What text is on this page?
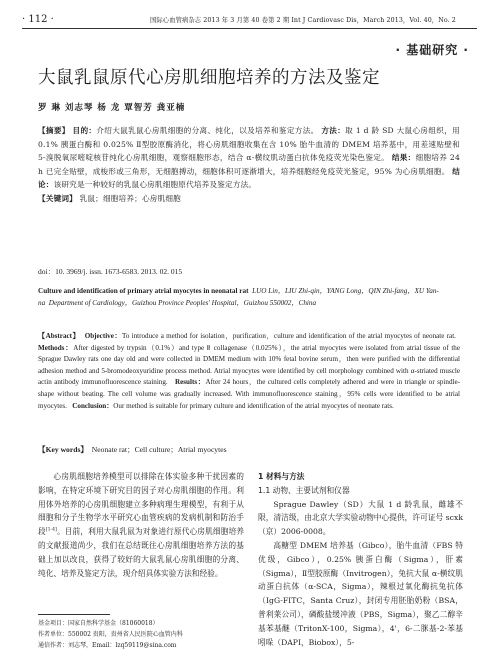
· 112 ·	国际心血管病杂志 2013 年 3 月第 40 卷第 2 期 Int J Cardiovasc Dis，March 2013，Vol. 40，No. 2
· 基础研究 ·
大鼠乳鼠原代心房肌细胞培养的方法及鉴定
罗 琳 刘志琴 杨 龙 覃智芳 龚亚楠

【摘要】 目的：介绍大鼠乳鼠心房肌细胞的分离、纯化，以及培养和鉴定方法。 方法：取 1 d 龄 SD 大鼠心房组织，用 0.1% 胰蛋白酶和 0.025% Ⅱ型胶原酶消化，将心房肌细胞收集在含 10% 胎牛血清的 DMEM 培养基中，用差速贴壁和 5-溴脱氧尿嘧啶核苷纯化心房肌细胞，观察细胞形态，结合 α-横纹肌动蛋白抗体免疫荧光染色鉴定。 结果：细胞培养 24 h 已完全贴壁，成梭形或三角形，无细胞搏动，细胞体积可逐渐增大，培养细胞经免疫荧光鉴定，95% 为心房肌细胞。 结论：该研究是一种较好的乳鼠心房肌细胞原代培养及鉴定方法。

【关键词】 乳鼠；细胞培养；心房肌细胞

doi：10. 3969/j. issn. 1673-6583. 2013. 02. 015
Culture and identification of primary atrial myocytes in neonatal rat LUO Lin，LIU Zhi-qin，YANG Long，QIN Zhi-fang，XU Yan-na Department of Cardiology，Guizhou Province Peoples' Hospital，Guizhou 550002，China

【Abstract】 Objective：To introduce a method for isolation，purification，culture and identification of the atrial myocytes of neonate rat.   Methods：After digested by trypsin（0.1%）and type Ⅱ collagenase（0.025%），the atrial myocytes were isolated from atrial tissue of the Sprague Dawley rats one day old and were collected in DMEM medium with 10% fetal bovine serum，then were purified with the differential adhesion method and 5-bromodeoxyuridine process method. Atrial myocytes were identified by cell morphology combined with α-striated muscle actin antibody immunofluorescence staining. Results：After 24 hours，the cultured cells completely adhered and were in triangle or spindle-shape without beating. The cell volume was gradually increased. With immunofluorescence staining，95% cells were identified to be atrial myocytes. Conclusion：Our method is suitable for primary culture and identification of the atrial myocytes of neonate rats.

【Key words】 Neonate rat；Cell culture；Atrial myocytes

心房肌细胞培养模型可以排除在体实验多种干扰因素的影响，在特定环境下研究目的因子对心房肌细胞的作用。利用体外培养的心房肌细胞建立多种病理生理模型，有利于从细胞和分子生物学水平研究心血管疾病的发病机制和防治手段[1-4]。目前，利用大鼠乳鼠为对象进行原代心房肌细胞培养的文献报道尚少，我们在总结既往心房肌细胞培养方法的基础上加以改良，获得了较好的大鼠乳鼠心房肌细胞的分离、纯化、培养及鉴定方法，现介绍具体实验方法和经验。

基金项目：国家自然科学基金（81060018）
作者单位：550002 贵阳，贵州省人民医院心血管内科
通信作者：刘志琴，Email：lzq59119@sina.com

1 材料与方法

1.1 动物、主要试剂和仪器

Sprague Dawley（SD）大鼠 1 d 龄乳鼠，雌雄不限，清洁级，由北京大学实验动物中心提供，许可证号 scxk（京）2006-0008。

高糖型 DMEM 培养基（Gibco），胎牛血清（FBS 特优级，Gibco），0.25% 胰蛋白酶（Sigma），肝素（Sigma），Ⅱ型胶原酶（Invitrogen），兔抗大鼠 α-横纹肌动蛋白抗体（α-SCA，Sigma），辣根过氧化酶抗兔抗体（IgG-FITC，Santa Cruz），封闭专用胚胎奶粉（BSA，普利莱公司），磷酸盐缓冲液（PBS，Sigma），聚乙二醇辛基苯基醚（TritonX-100，Sigma），4'，6-二脒基-2-苯基吲哚（DAPI，Biobox），5-
